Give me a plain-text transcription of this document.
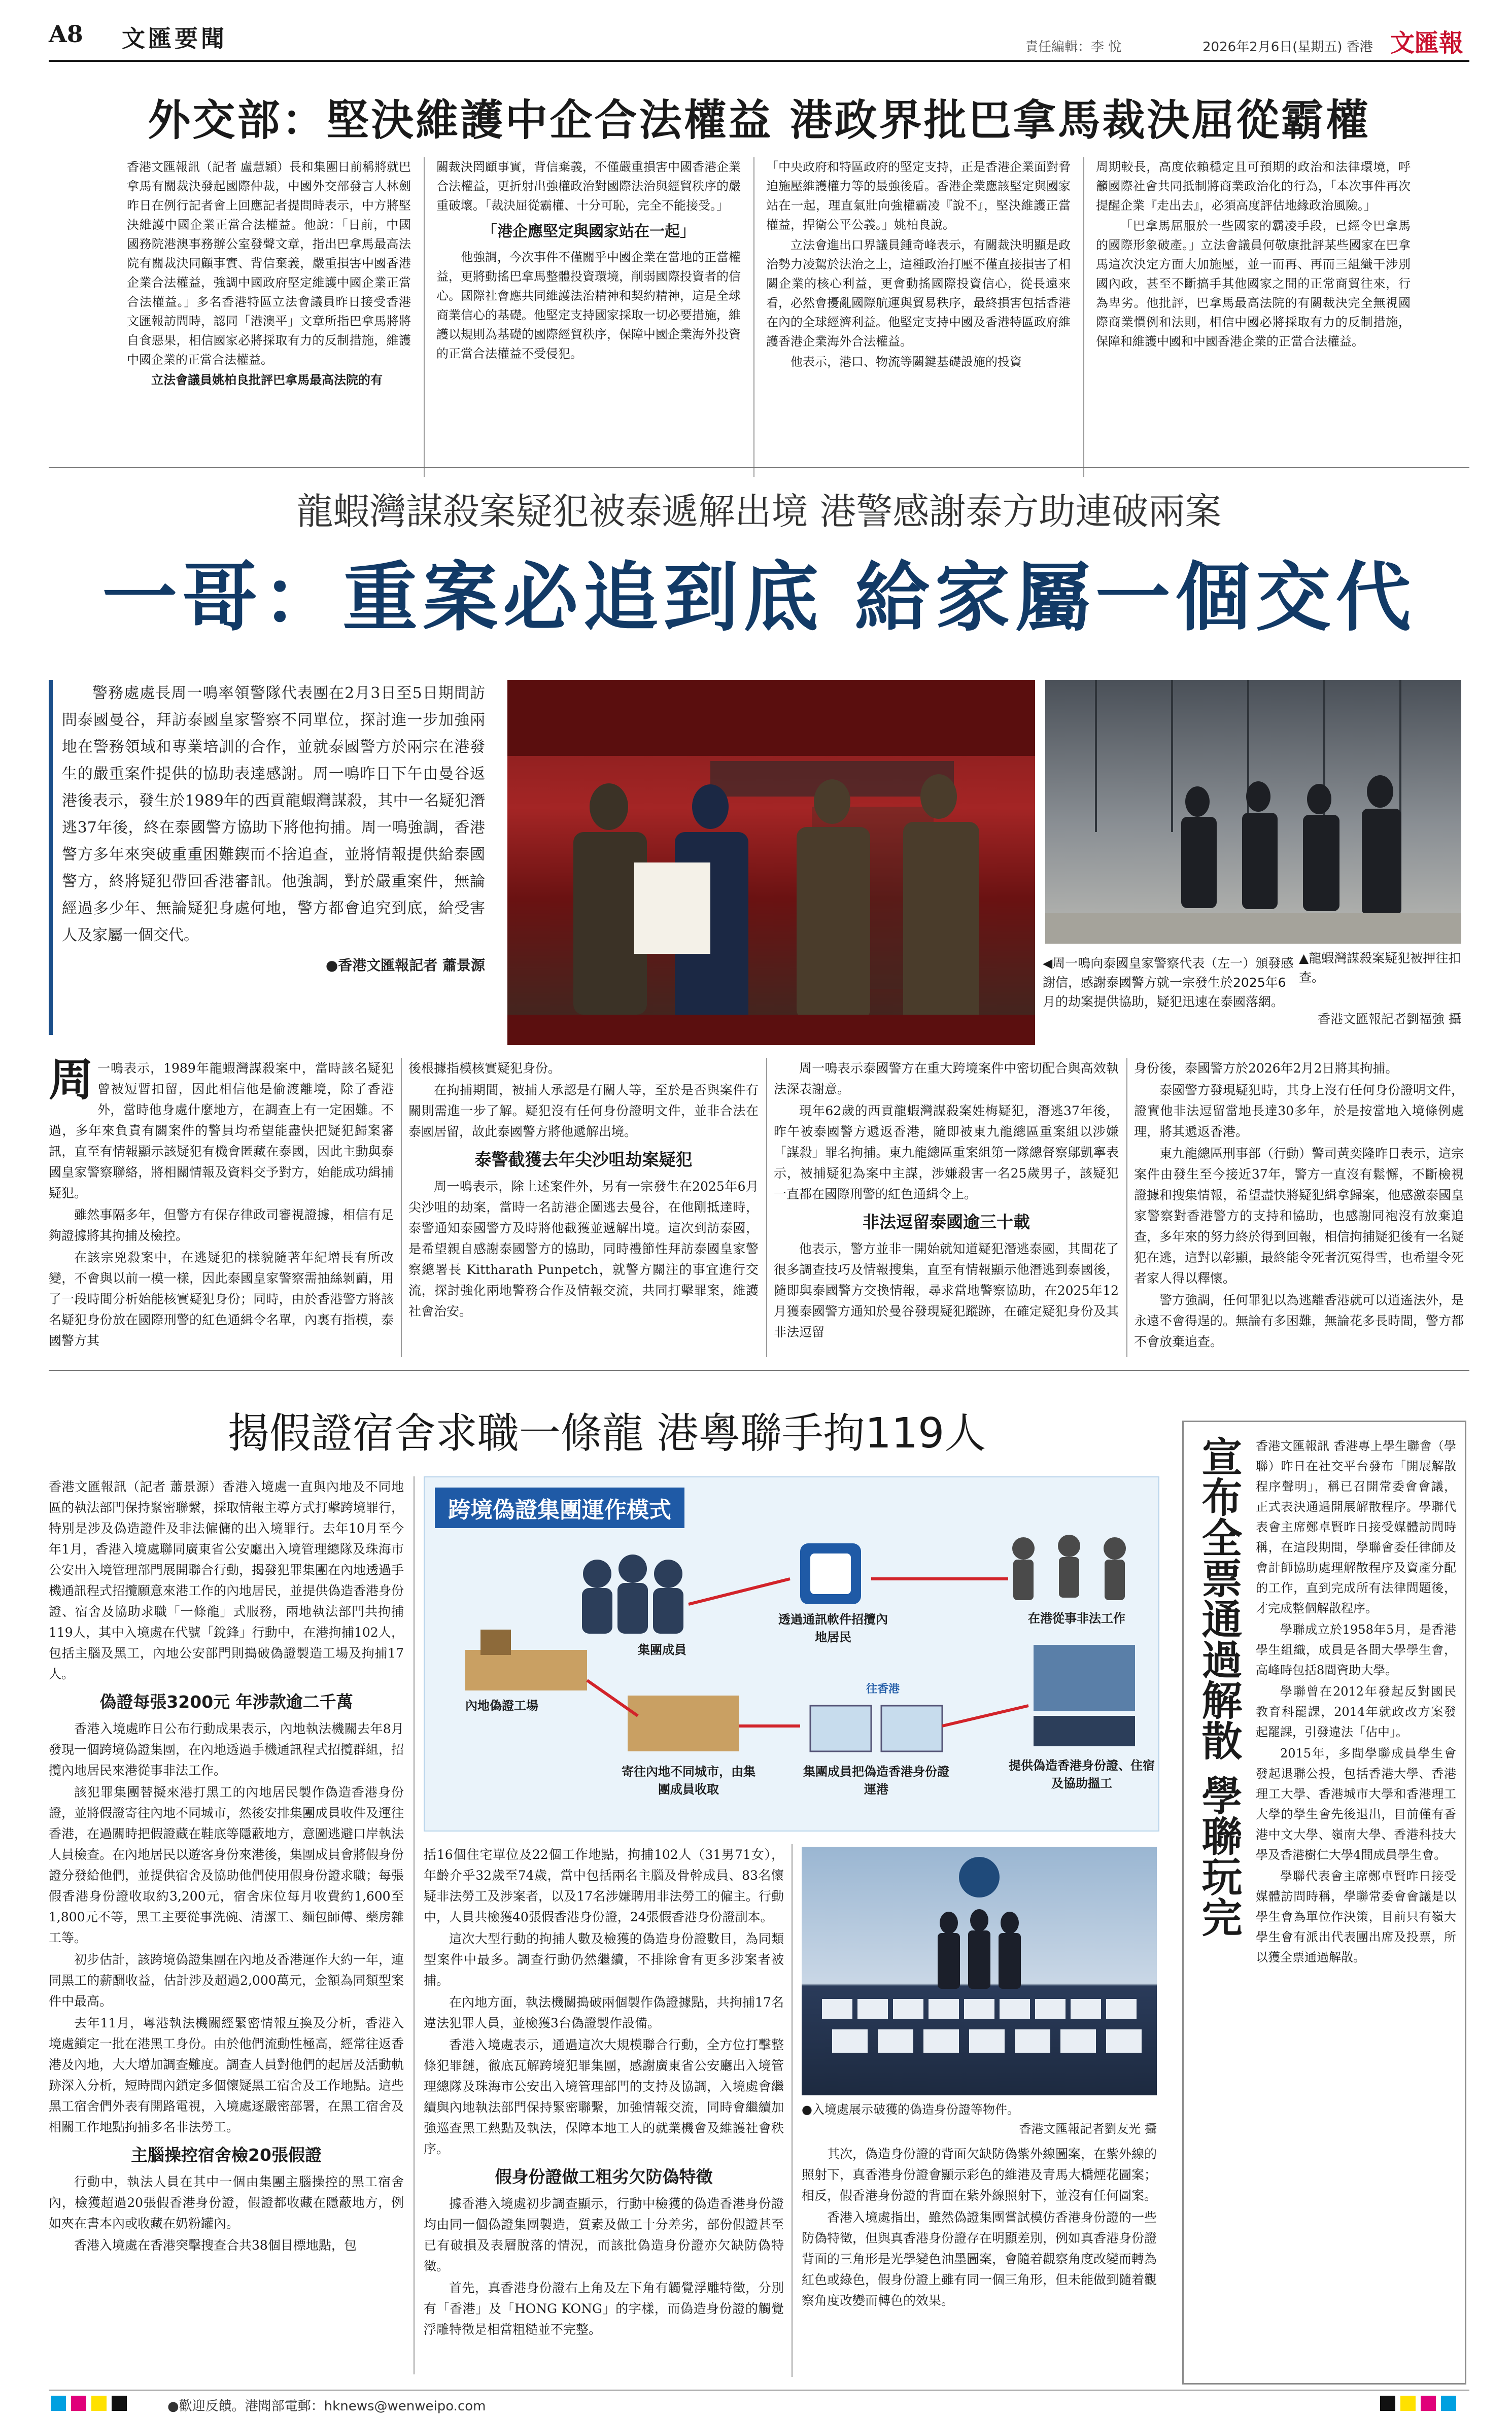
A8 文匯要聞	責任編輯：李 悅	2026年2月6日(星期五) 香港 文匯報
外交部：堅決維護中企合法權益 港政界批巴拿馬裁決屈從霸權

香港文匯報訊（記者 盧慧穎）長和集團日前稱將就巴拿馬有關裁決發起國際仲裁，中國外交部發言人林劍昨日在例行記者會上回應記者提問時表示，中方將堅決維護中國企業正當合法權益。他說：「日前，中國國務院港澳事務辦公室發聲文章，指出巴拿馬最高法院有關裁決同顧事實、背信棄義，嚴重損害中國香港企業合法權益，強調中國政府堅定維護中國企業正當合法權益。」多名香港特區立法會議員昨日接受香港文匯報訪問時，認同「港澳平」文章所指巴拿馬將將自食惡果，相信國家必將採取有力的反制措施，維護中國企業的正當合法權益。

立法會議員姚柏良批評巴拿馬最高法院的有

關裁決罔顧事實，背信棄義，不僅嚴重損害中國香港企業合法權益，更折射出強權政治對國際法治與經貿秩序的嚴重破壞。「裁決屈從霸權、十分可恥，完全不能接受。」

「港企應堅定與國家站在一起」

他強調，今次事件不僅關乎中國企業在當地的正當權益，更將動搖巴拿馬整體投資環境，削弱國際投資者的信心。國際社會應共同維護法治精神和契約精神，這是全球商業信心的基礎。他堅定支持國家採取一切必要措施，維護以規則為基礎的國際經貿秩序，保障中國企業海外投資的正當合法權益不受侵犯。

「中央政府和特區政府的堅定支持，正是香港企業面對脅迫施壓維護權力等的最強後盾。香港企業應該堅定與國家站在一起，理直氣壯向強權霸凌『說不』，堅決維護正當權益，捍衛公平公義。」姚柏良說。

立法會進出口界議員鍾奇峰表示，有關裁決明顯是政治勢力凌駕於法治之上，這種政治打壓不僅直接損害了相關企業的核心利益，更會動搖國際投資信心，從長遠來看，必然會擾亂國際航運與貿易秩序，最終損害包括香港在內的全球經濟利益。他堅定支持中國及香港特區政府維護香港企業海外合法權益。

他表示，港口、物流等關鍵基礎設施的投資

周期較長，高度依賴穩定且可預期的政治和法律環境，呼籲國際社會共同抵制將商業政治化的行為，「本次事件再次提醒企業『走出去』，必須高度評估地緣政治風險。」

「巴拿馬屈服於一些國家的霸凌手段，已經令巴拿馬的國際形象破產。」立法會議員何敬康批評某些國家在巴拿馬這次決定方面大加施壓，並一而再、再而三組織干涉別國內政，甚至不斷搞手其他國家之間的正常商貿往來，行為卑劣。他批評，巴拿馬最高法院的有關裁決完全無視國際商業慣例和法則，相信中國必將採取有力的反制措施，保障和維護中國和中國香港企業的正當合法權益。

龍蝦灣謀殺案疑犯被泰遞解出境 港警感謝泰方助連破兩案
一哥：重案必追到底 給家屬一個交代

警務處處長周一鳴率領警隊代表團在2月3日至5日期間訪問泰國曼谷，拜訪泰國皇家警察不同單位，探討進一步加強兩地在警務領域和專業培訓的合作，並就泰國警方於兩宗在港發生的嚴重案件提供的協助表達感謝。周一鳴昨日下午由曼谷返港後表示，發生於1989年的西貢龍蝦灣謀殺，其中一名疑犯潛逃37年後，終在泰國警方協助下將他拘捕。周一鳴強調，香港警方多年來突破重重困難鍥而不捨追查，並將情報提供給泰國警方，終將疑犯帶回香港審訊。他強調，對於嚴重案件，無論經過多少年、無論疑犯身處何地，警方都會追究到底，給受害人及家屬一個交代。

●香港文匯報記者 蕭景源	◀周一鳴向泰國皇家警察代表（左一）頒發感謝信，感謝泰國警方就一宗發生於2025年6月的劫案提供協助，疑犯迅速在泰國落網。
▲龍蝦灣謀殺案疑犯被押往扣查。
香港文匯報記者劉福強 攝

周一鳴表示，1989年龍蝦灣謀殺案中，當時該名疑犯曾被短暫扣留，因此相信他是偷渡離境，除了香港外，當時他身處什麼地方，在調查上有一定困難。不過，多年來負責有關案件的警員均希望能盡快把疑犯歸案審訊，直至有情報顯示該疑犯有機會匿藏在泰國，因此主動與泰國皇家警察聯絡，將相關情報及資料交予對方，始能成功緝捕疑犯。

雖然事隔多年，但警方有保存律政司審視證據，相信有足夠證據將其拘捕及檢控。

在該宗兇殺案中，在逃疑犯的樣貌隨著年紀增長有所改變，不會與以前一模一樣，因此泰國皇家警察需抽絲剝繭，用了一段時間分析始能核實疑犯身份；同時，由於香港警方將該名疑犯身份放在國際刑警的紅色通緝令名單，內裏有指模，泰國警方其

後根據指模核實疑犯身份。

在拘捕期間，被捕人承認是有關人等，至於是否與案件有關則需進一步了解。疑犯沒有任何身份證明文件，並非合法在泰國居留，故此泰國警方將他遞解出境。

泰警截獲去年尖沙咀劫案疑犯

周一鳴表示，除上述案件外，另有一宗發生在2025年6月尖沙咀的劫案，當時一名訪港企圖逃去曼谷，在他剛抵達時，泰警通知泰國警方及時將他截獲並遞解出境。這次到訪泰國，是希望親自感謝泰國警方的協助，同時禮節性拜訪泰國皇家警察總署長 Kittharath Punpetch，就警方關注的事宜進行交流，探討強化兩地警務合作及情報交流，共同打擊罪案，維護社會治安。

周一鳴表示泰國警方在重大跨境案件中密切配合與高效執法深表謝意。

現年62歲的西貢龍蝦灣謀殺案姓梅疑犯，潛逃37年後，昨午被泰國警方遞返香港，隨即被東九龍總區重案組以涉嫌「謀殺」罪名拘捕。東九龍總區重案組第一隊總督察鄔凱寧表示，被捕疑犯為案中主謀，涉嫌殺害一名25歲男子，該疑犯一直都在國際刑警的紅色通緝令上。

非法逗留泰國逾三十載

他表示，警方並非一開始就知道疑犯潛逃泰國，其間花了很多調查技巧及情報搜集，直至有情報顯示他潛逃到泰國後，隨即與泰國警方交換情報，尋求當地警察協助，在2025年12月獲泰國警方通知於曼谷發現疑犯蹤跡，在確定疑犯身份及其非法逗留

身份後，泰國警方於2026年2月2日將其拘捕。

泰國警方發現疑犯時，其身上沒有任何身份證明文件，證實他非法逗留當地長達30多年，於是按當地入境條例處理，將其遞返香港。

東九龍總區刑事部（行動）警司黃奕隆昨日表示，這宗案件由發生至今接近37年，警方一直沒有鬆懈，不斷檢視證據和搜集情報，希望盡快將疑犯緝拿歸案，他感激泰國皇家警察對香港警方的支持和協助，也感謝同袍沒有放棄追查，多年來的努力終於得到回報，相信拘捕疑犯後有一名疑犯在逃，這對以彰顯，最終能令死者沉冤得雪，也希望令死者家人得以釋懷。

警方強調，任何罪犯以為逃離香港就可以逍遙法外，是永遠不會得逞的。無論有多困難，無論花多長時間，警方都不會放棄追查。

揭假證宿舍求職一條龍 港粵聯手拘119人

香港文匯報訊（記者 蕭景源）香港入境處一直與內地及不同地區的執法部門保持緊密聯繫，採取情報主導方式打擊跨境罪行，特別是涉及偽造證件及非法僱傭的出入境罪行。去年10月至今年1月，香港入境處聯同廣東省公安廳出入境管理總隊及珠海市公安出入境管理部門展開聯合行動，揭發犯罪集團在內地透過手機通訊程式招攬願意來港工作的內地居民，並提供偽造香港身份證、宿舍及協助求職「一條龍」式服務，兩地執法部門共拘捕119人，其中入境處在代號「銳鋒」行動中，在港拘捕102人，包括主腦及黑工，內地公安部門則搗破偽證製造工場及拘捕17人。

偽證每張3200元 年涉款逾二千萬

香港入境處昨日公布行動成果表示，內地執法機關去年8月發現一個跨境偽證集團，在內地透過手機通訊程式招攬群組，招攬內地居民來港從事非法工作。

該犯罪集團替擬來港打黑工的內地居民製作偽造香港身份證，並將假證寄往內地不同城市，然後安排集團成員收件及運往香港，在過關時把假證藏在鞋底等隱蔽地方，意圖逃避口岸執法人員檢查。在內地居民以遊客身份來港後，集團成員會將假身份證分發給他們，並提供宿舍及協助他們使用假身份證求職；每張假香港身份證收取約3,200元，宿舍床位每月收費約1,600至1,800元不等，黑工主要從事洗碗、清潔工、麵包師傅、藥房雜工等。

初步估計，該跨境偽證集團在內地及香港運作大約一年，連同黑工的薪酬收益，估計涉及超過2,000萬元，金額為同類型案件中最高。

去年11月，粵港執法機關經緊密情報互換及分析，香港入境處鎖定一批在港黑工身份。由於他們流動性極高，經常往返香港及內地，大大增加調查難度。調查人員對他們的起居及活動軌跡深入分析，短時間內鎖定多個懷疑黑工宿舍及工作地點。這些黑工宿舍們外表有開路電視，入境處逐嚴密部署，在黑工宿舍及相關工作地點拘捕多名非法勞工。

主腦操控宿舍檢20張假證

行動中，執法人員在其中一個由集團主腦操控的黑工宿舍內，檢獲超過20張假香港身份證，假證都收藏在隱蔽地方，例如夾在書本內或收藏在奶粉罐內。

香港入境處在香港突擊搜查合共38個目標地點，包

跨境偽證集團運作模式
集團成員
透過通訊軟件招攬內地居民
在港從事非法工作
內地偽證工場
往香港
寄往內地不同城市，由集團成員收取
集團成員把偽造香港身份證運港
提供偽造香港身份證、住宿及協助搵工

括16個住宅單位及22個工作地點，拘捕102人（31男71女），年齡介乎32歲至74歲，當中包括兩名主腦及骨幹成員、83名懷疑非法勞工及涉案者，以及17名涉嫌聘用非法勞工的僱主。行動中，人員共檢獲40張假香港身份證，24張假香港身份證副本。

這次大型行動的拘捕人數及檢獲的偽造身份證數目，為同類型案件中最多。調查行動仍然繼續，不排除會有更多涉案者被捕。

在內地方面，執法機關搗破兩個製作偽證據點，共拘捕17名違法犯罪人員，並檢獲3台偽證製作設備。

香港入境處表示，通過這次大規模聯合行動，全方位打擊整條犯罪鏈，徹底瓦解跨境犯罪集團，感謝廣東省公安廳出入境管理總隊及珠海市公安出入境管理部門的支持及協調，入境處會繼續與內地執法部門保持緊密聯繫，加強情報交流，同時會繼續加強巡查黑工熱點及執法，保障本地工人的就業機會及維護社會秩序。

假身份證做工粗劣欠防偽特徵

據香港入境處初步調查顯示，行動中檢獲的偽造香港身份證均由同一個偽證集團製造，質素及做工十分差劣，部份假證甚至已有破損及表層脫落的情況，而該批偽造身份證亦欠缺防偽特徵。

首先，真香港身份證右上角及左下角有觸覺浮雕特徵，分別有「香港」及「HONG KONG」的字樣，而偽造身份證的觸覺浮雕特徵是相當粗糙並不完整。

●入境處展示破獲的偽造身份證等物件。
香港文匯報記者劉友光 攝

其次，偽造身份證的背面欠缺防偽紫外線圖案，在紫外線的照射下，真香港身份證會顯示彩色的維港及青馬大橋煙花圖案；相反，假香港身份證的背面在紫外線照射下，並沒有任何圖案。

香港入境處指出，雖然偽證集團嘗試模仿香港身份證的一些防偽特徵，但與真香港身份證存在明顯差別，例如真香港身份證背面的三角形是光學變色油墨圖案，會隨着觀察角度改變而轉為紅色或綠色，假身份證上雖有同一個三角形，但未能做到隨着觀察角度改變而轉色的效果。

宣布全票通過解散 學聯玩完 香港文匯報訊 香港專上學生聯會（學聯）昨日在社交平台發布「開展解散程序聲明」，稱已召開常委會會議，正式表決通過開展解散程序。學聯代表會主席鄭卓賢昨日接受媒體訪問時稱，在這段期間，學聯會委任律師及會計師協助處理解散程序及資產分配的工作，直到完成所有法律問題後，才完成整個解散程序。

學聯成立於1958年5月，是香港學生組織，成員是各間大學學生會，高峰時包括8間資助大學。

學聯曾在2012年發起反對國民教育科罷課，2014年就政改方案發起罷課，引發違法「佔中」。

2015年，多間學聯成員學生會發起退聯公投，包括香港大學、香港理工大學、香港城市大學和香港理工大學的學生會先後退出，目前僅有香港中文大學、嶺南大學、香港科技大學及香港樹仁大學4間成員學生會。

學聯代表會主席鄭卓賢昨日接受媒體訪問時稱，學聯常委會會議是以學生會為單位作決策，目前只有嶺大學生會有派出代表團出席及投票，所以獲全票通過解散。

●歡迎反饋。港聞部電郵：hknews@wenweipo.com
